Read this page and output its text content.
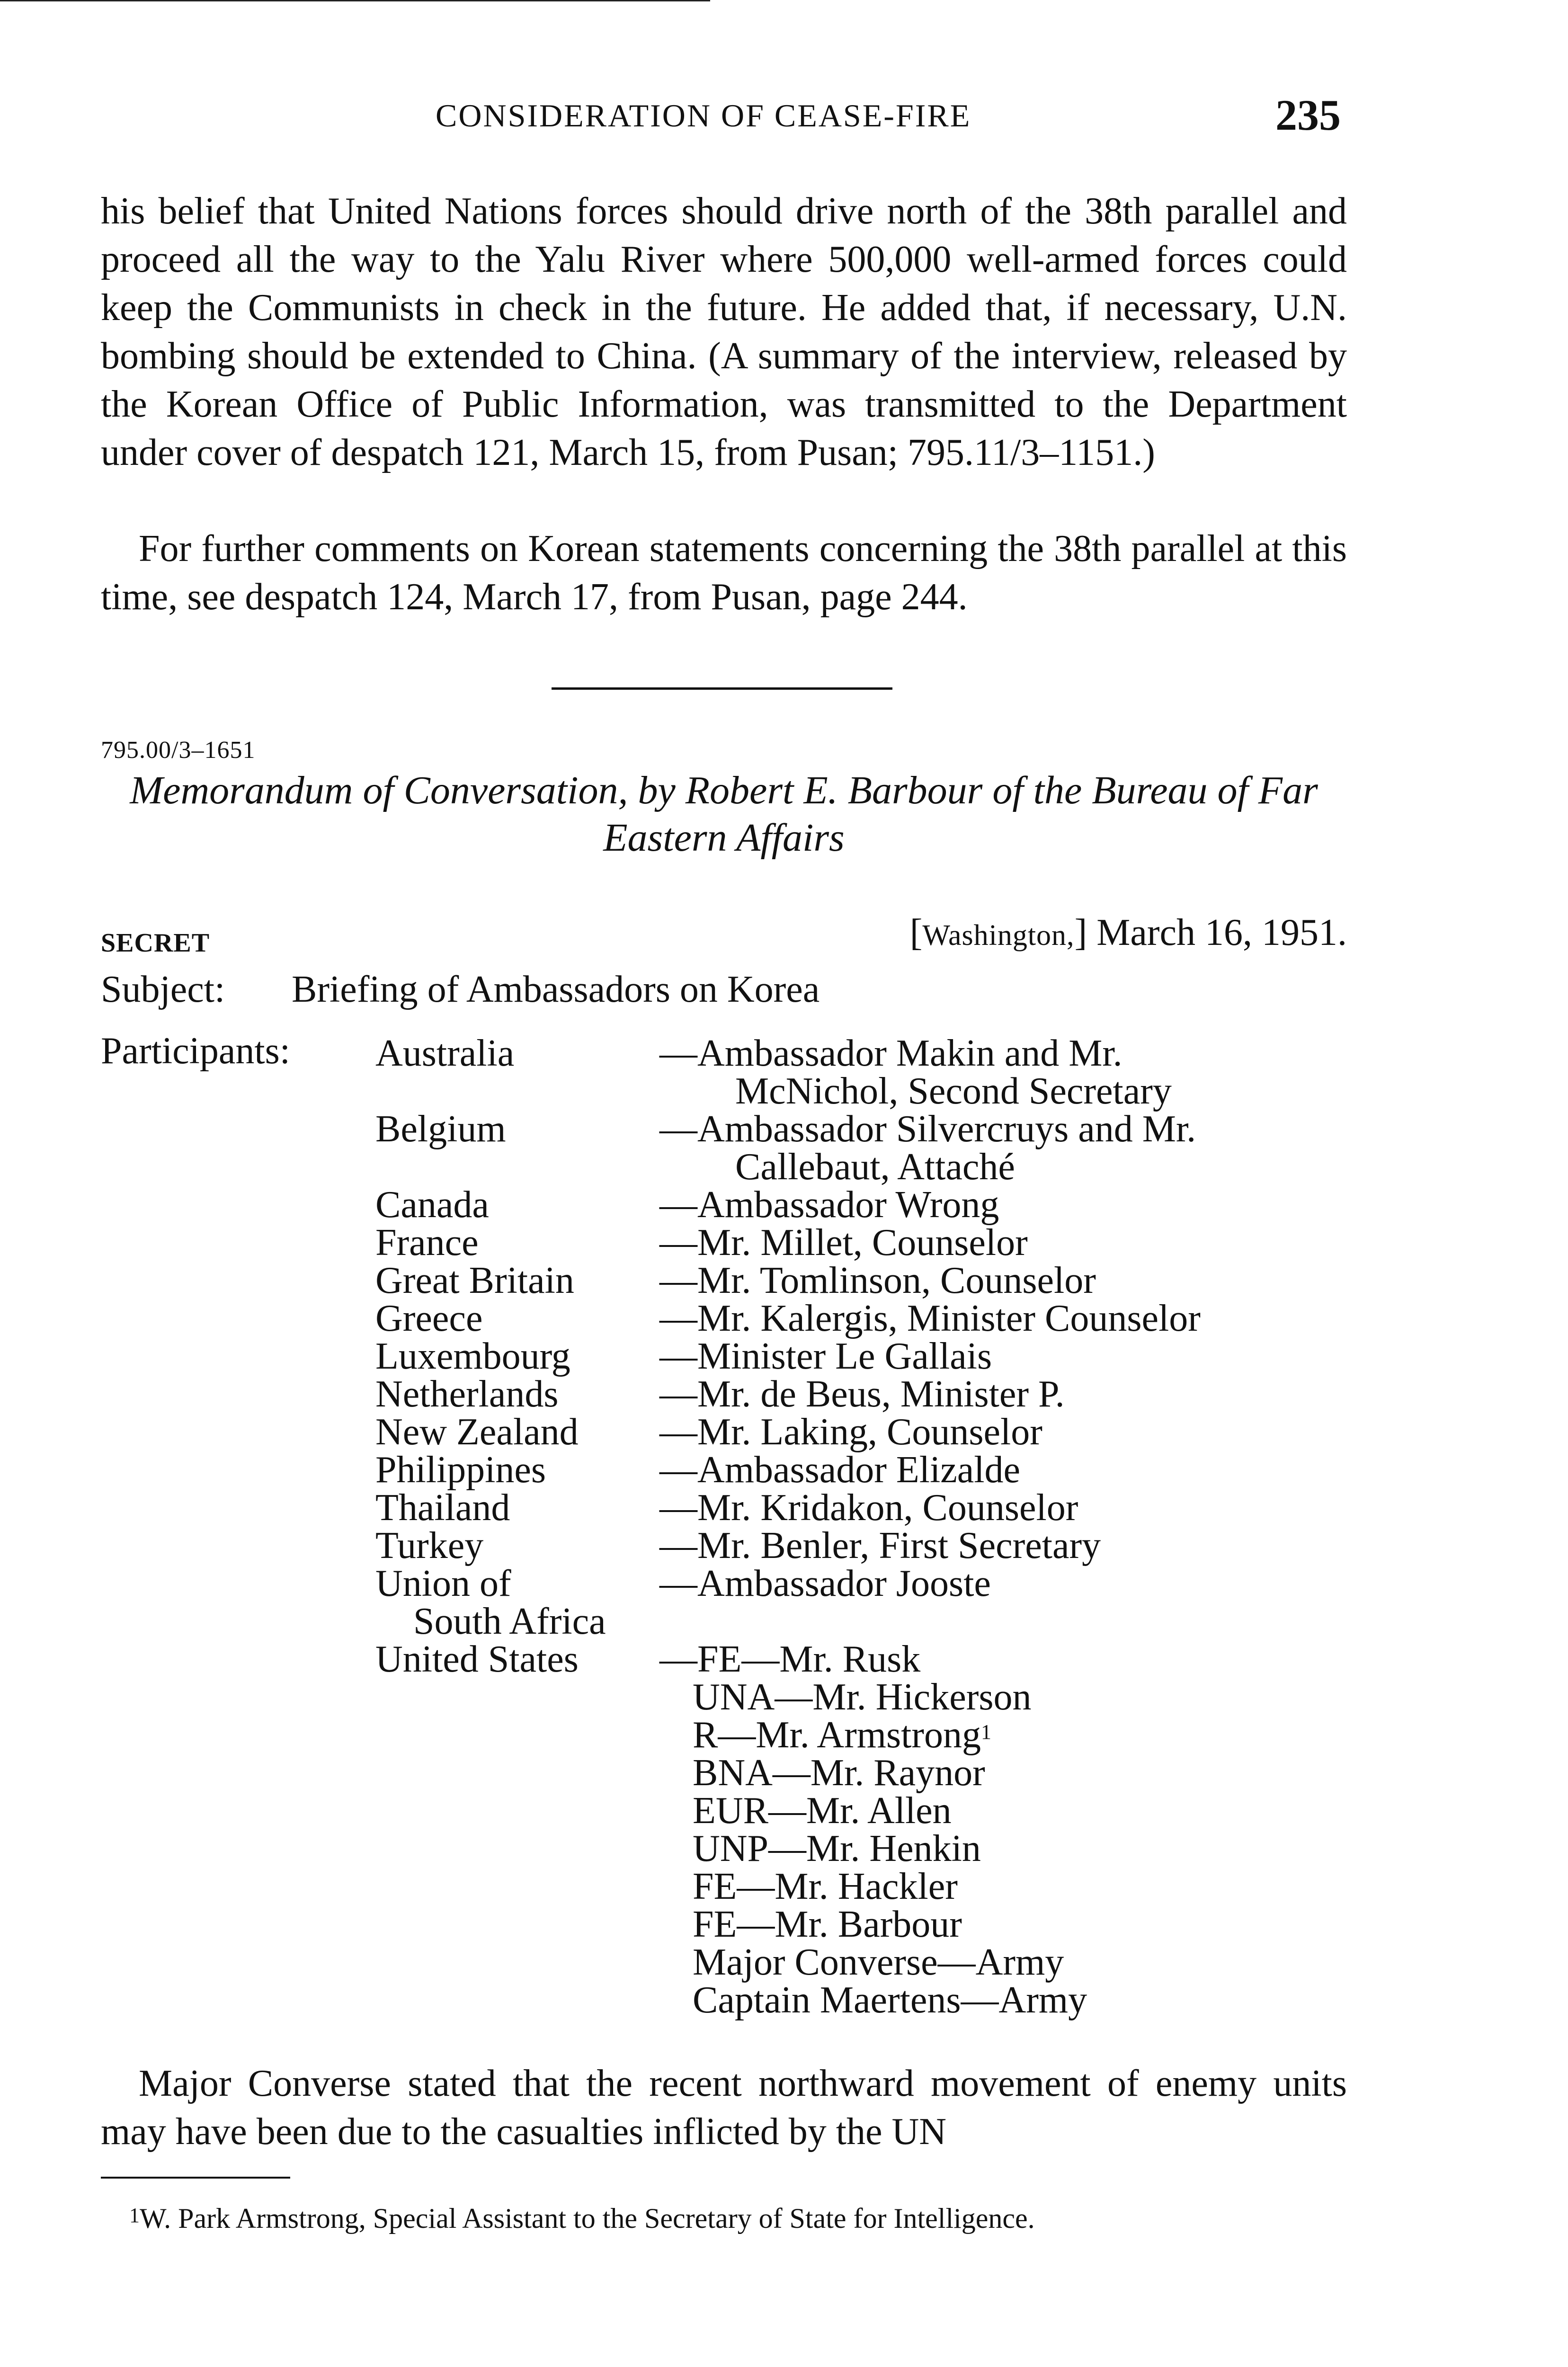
CONSIDERATION OF CEASE-FIRE	235

his belief that United Nations forces should drive north of the 38th parallel and proceed all the way to the Yalu River where 500,000 well-armed forces could keep the Communists in check in the future. He added that, if necessary, U.N. bombing should be extended to China. (A summary of the interview, released by the Korean Office of Public Information, was transmitted to the Department under cover of despatch 121, March 15, from Pusan; 795.11/3–1151.)

For further comments on Korean statements concerning the 38th parallel at this time, see despatch 124, March 17, from Pusan, page 244.

795.00/3–1651

Memorandum of Conversation, by Robert E. Barbour of the Bureau of Far Eastern Affairs

SECRET	[Washington,] March 16, 1951.
Subject: Briefing of Ambassadors on Korea
Participants: Australia	—Ambassador Makin and Mr.
McNichol, Second Secretary
Belgium	—Ambassador Silvercruys and Mr.
Callebaut, Attaché
Canada	—Ambassador Wrong
France	—Mr. Millet, Counselor
Great Britain —Mr. Tomlinson, Counselor
Greece	—Mr. Kalergis, Minister Counselor
Luxembourg —Minister Le Gallais
Netherlands	—Mr. de Beus, Minister P.
New Zealand —Mr. Laking, Counselor
Philippines	—Ambassador Elizalde
Thailand	—Mr. Kridakon, Counselor
Turkey	—Mr. Benler, First Secretary
Union of	—Ambassador Jooste
South Africa
United States —FE—Mr. Rusk
UNA—Mr. Hickerson
R—Mr. Armstrong$^1$
BNA—Mr. Raynor
EUR—Mr. Allen
UNP—Mr. Henkin
FE—Mr. Hackler
FE—Mr. Barbour
Major Converse—Army
Captain Maertens—Army

Major Converse stated that the recent northward movement of enemy units may have been due to the casualties inflicted by the UN

$^1$W. Park Armstrong, Special Assistant to the Secretary of State for Intelligence.
